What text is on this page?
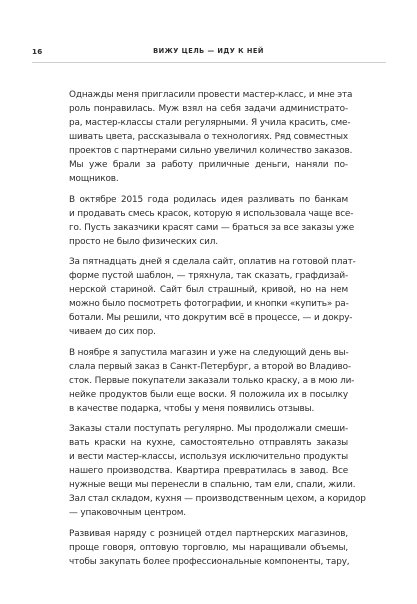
16	ВИЖУ ЦЕЛЬ — ИДУ К НЕЙ

Однажды меня пригласили провести мастер-класс, и мне эта
роль понравилась. Муж взял на себя задачи администрато-
ра, мастер-классы стали регулярными. Я учила красить, сме-
шивать цвета, рассказывала о технологиях. Ряд совместных
проектов с партнерами сильно увеличил количество заказов.
Мы уже брали за работу приличные деньги, наняли по-
мощников.

В октябре 2015 года родилась идея разливать по банкам
и продавать смесь красок, которую я использовала чаще все-
го. Пусть заказчики красят сами — браться за все заказы уже
просто не было физических сил.

За пятнадцать дней я сделала сайт, оплатив на готовой плат-
форме пустой шаблон, — тряхнула, так сказать, графдизай-
нерской стариной. Сайт был страшный, кривой, но на нем
можно было посмотреть фотографии, и кнопки «купить» ра-
ботали. Мы решили, что докрутим всё в процессе, — и докру-
чиваем до сих пор.

В ноябре я запустила магазин и уже на следующий день вы-
слала первый заказ в Санкт-Петербург, а второй во Владиво-
сток. Первые покупатели заказали только краску, а в мою ли-
нейке продуктов были еще воски. Я положила их в посылку
в качестве подарка, чтобы у меня появились отзывы.

Заказы стали поступать регулярно. Мы продолжали смеши-
вать краски на кухне, самостоятельно отправлять заказы
и вести мастер-классы, используя исключительно продукты
нашего производства. Квартира превратилась в завод. Все
нужные вещи мы перенесли в спальню, там ели, спали, жили.
Зал стал складом, кухня — производственным цехом, а коридор
— упаковочным центром.

Развивая наряду с розницей отдел партнерских магазинов,
проще говоря, оптовую торговлю, мы наращивали объемы,
чтобы закупать более профессиональные компоненты, тару,
